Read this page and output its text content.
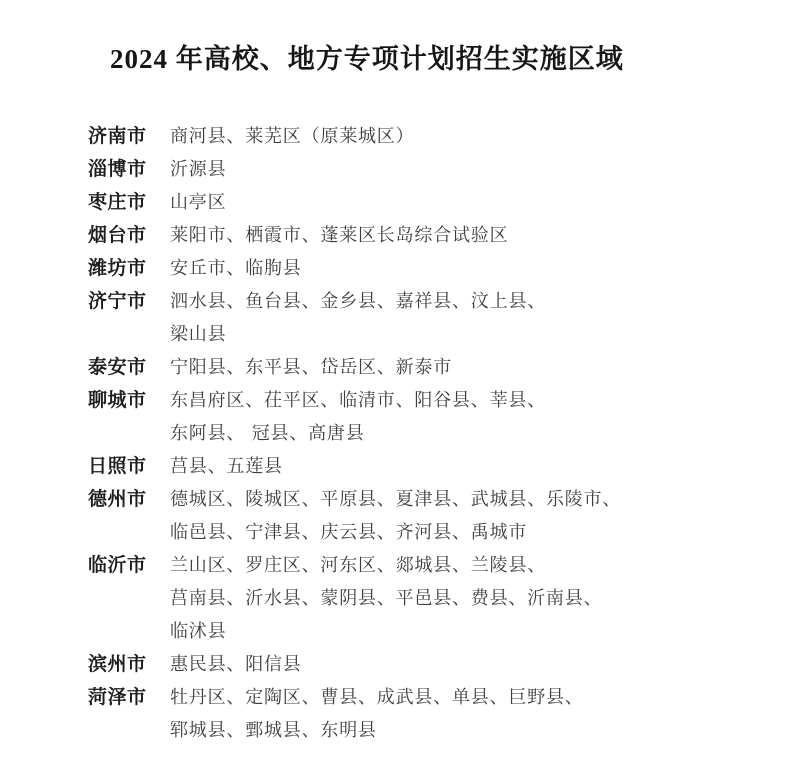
2024 年高校、地方专项计划招生实施区域
济南市	商河县、莱芜区（原莱城区）
淄博市	沂源县
枣庄市	山亭区
烟台市	莱阳市、栖霞市、蓬莱区长岛综合试验区
潍坊市	安丘市、临朐县
济宁市	泗水县、鱼台县、金乡县、嘉祥县、汶上县、
梁山县
泰安市	宁阳县、东平县、岱岳区、新泰市
聊城市	东昌府区、茌平区、临清市、阳谷县、莘县、
东阿县、 冠县、高唐县
日照市	莒县、五莲县
德州市	德城区、陵城区、平原县、夏津县、武城县、乐陵市、
临邑县、宁津县、庆云县、齐河县、禹城市
临沂市	兰山区、罗庄区、河东区、郯城县、兰陵县、
莒南县、沂水县、蒙阴县、平邑县、费县、沂南县、
临沭县
滨州市	惠民县、阳信县
菏泽市	牡丹区、定陶区、曹县、成武县、单县、巨野县、
郓城县、鄄城县、东明县
